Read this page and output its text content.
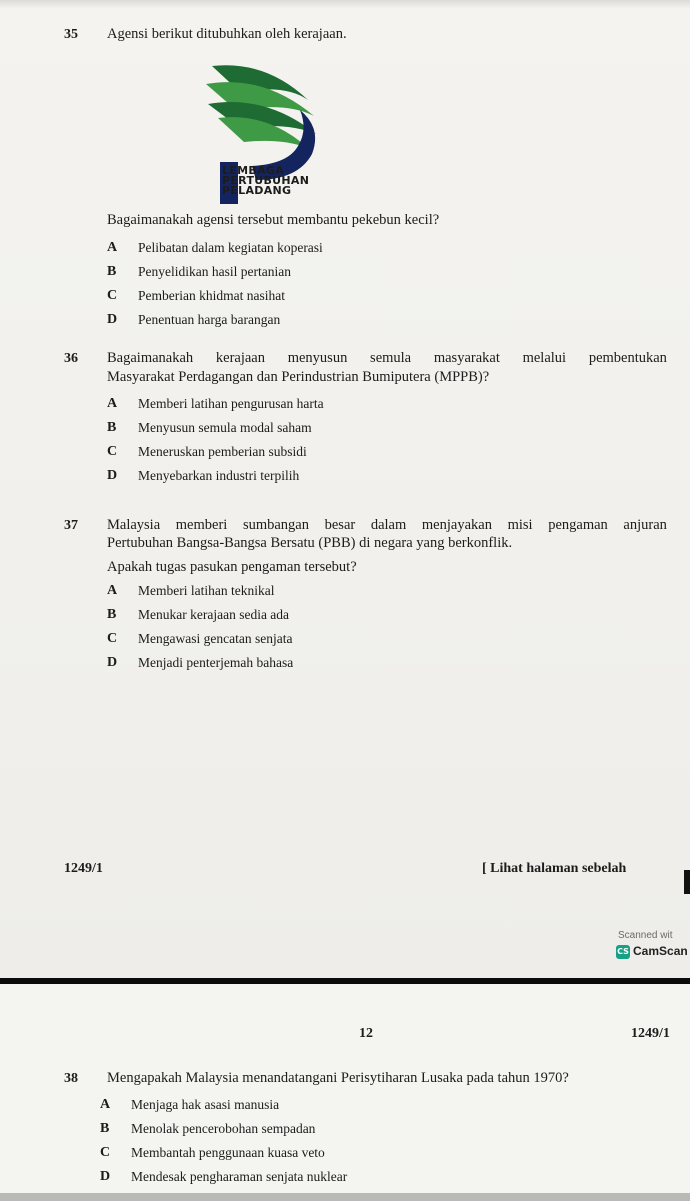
35 Agensi berikut ditubuhkan oleh kerajaan.
LEMBAGA
PERTUBUHAN
PELADANG
Bagaimanakah agensi tersebut membantu pekebun kecil?
A Pelibatan dalam kegiatan koperasi
B Penyelidikan hasil pertanian
C Pemberian khidmat nasihat
D Penentuan harga barangan
36 Bagaimanakah kerajaan menyusun semula masyarakat melalui pembentukan
Masyarakat Perdagangan dan Perindustrian Bumiputera (MPPB)?
A Memberi latihan pengurusan harta
B Menyusun semula modal saham
C Meneruskan pemberian subsidi
D Menyebarkan industri terpilih
37 Malaysia memberi sumbangan besar dalam menjayakan misi pengaman anjuran
Pertubuhan Bangsa-Bangsa Bersatu (PBB) di negara yang berkonflik.
Apakah tugas pasukan pengaman tersebut?
A Memberi latihan teknikal
B Menukar kerajaan sedia ada
C Mengawasi gencatan senjata
D Menjadi penterjemah bahasa
1249/1	[ Lihat halaman sebelah
Scanned wit
CS CamScan
12	1249/1
38 Mengapakah Malaysia menandatangani Perisytiharan Lusaka pada tahun 1970?
A Menjaga hak asasi manusia
B Menolak pencerobohan sempadan
C Membantah penggunaan kuasa veto
D Mendesak pengharaman senjata nuklear
